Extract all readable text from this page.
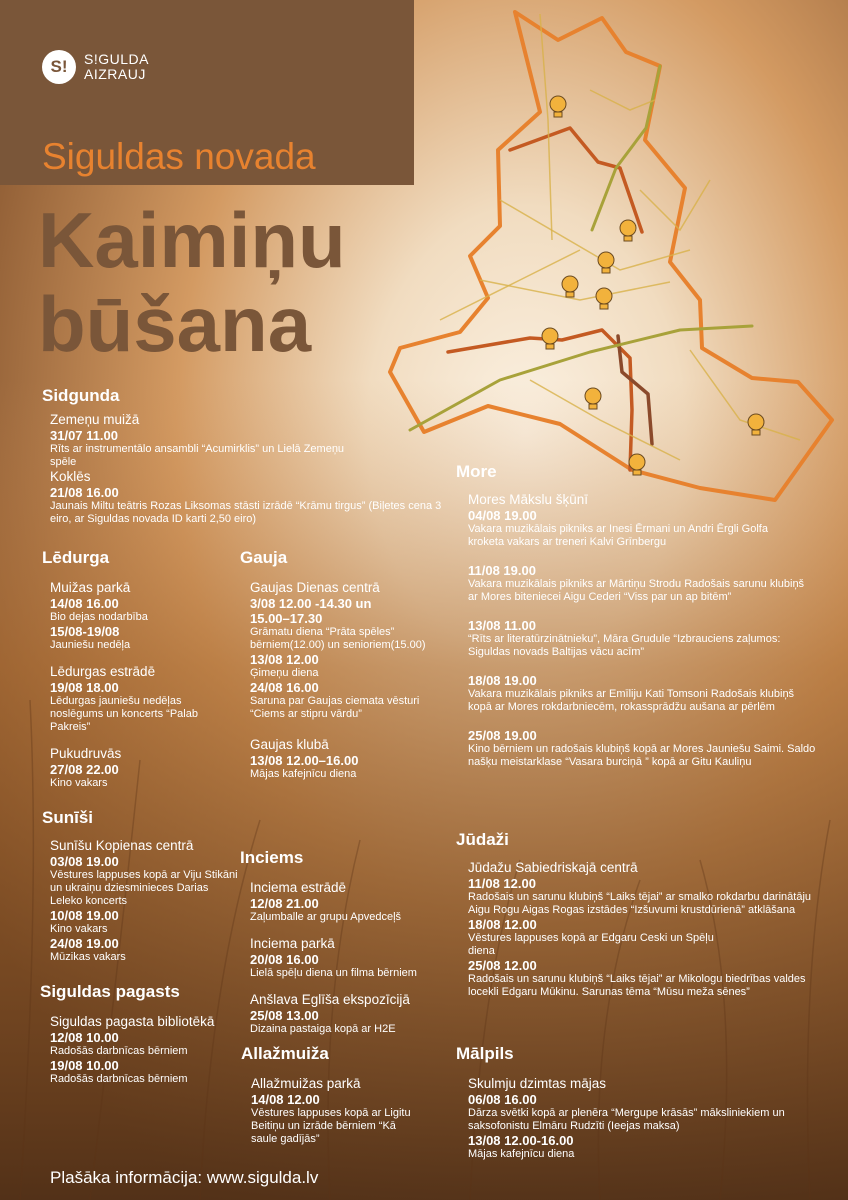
S!	S!GULDA
AIZRAUJ
Siguldas novada
Kaimiņu
būšana
Sidgunda
Zemeņu muižā
31/07 11.00
Rīts ar instrumentālo ansambli “Acumirklis” un Lielā Zemeņu spēle
Koklēs
21/08 16.00
Jaunais Miltu teātris Rozas Liksomas stāsti izrādē “Krāmu tirgus” (Biļetes cena 3 eiro, ar Siguldas novada ID karti 2,50 eiro)
Lēdurga
Muižas parkā
14/08 16.00
Bio dejas nodarbība
15/08-19/08
Jauniešu nedēļa
Lēdurgas estrādē
19/08 18.00
Lēdurgas jauniešu nedēļas noslēgums un koncerts “Palab Pakreis”
Pukudruvās
27/08 22.00
Kino vakars
Gauja
Gaujas Dienas centrā
3/08 12.00 -14.30 un 15.00–17.30
Grāmatu diena “Prāta spēles” bērniem(12.00) un senioriem(15.00)
13/08 12.00
Ģimeņu diena
24/08 16.00
Saruna par Gaujas ciemata vēsturi “Ciems ar stipru vārdu”
Gaujas klubā
13/08 12.00–16.00
Mājas kafejnīcu diena
Sunīši
Sunīšu Kopienas centrā
03/08 19.00
Vēstures lappuses kopā ar Viju Stikāni un ukraiņu dziesminieces Darias Leleko koncerts
10/08 19.00
Kino vakars
24/08 19.00
Mūzikas vakars
Inciems
Inciema estrādē
12/08 21.00
Zaļumballe ar grupu Apvedceļš
Inciema parkā
20/08 16.00
Lielā spēļu diena un filma bērniem
Anšlava Eglīša ekspozīcijā
25/08 13.00
Dizaina pastaiga kopā ar H2E
Siguldas pagasts
Siguldas pagasta bibliotēkā
12/08 10.00
Radošās darbnīcas bērniem
19/08 10.00
Radošās darbnīcas bērniem
Allažmuiža
Allažmuižas parkā
14/08 12.00
Vēstures lappuses kopā ar Ligitu Beitiņu un izrāde bērniem “Kā saule gadījās”
More
Mores Mākslu šķūnī
04/08 19.00
Vakara muzikālais pikniks ar Inesi Ērmani un Andri Ērgli Golfa kroketa vakars ar treneri Kalvi Grīnbergu
11/08 19.00
Vakara muzikālais pikniks ar Mārtiņu Strodu Radošais sarunu klubiņš ar Mores biteniecei Aigu Cederi “Viss par un ap bitēm”
13/08 11.00
“Rīts ar literatūrzinātnieku”, Māra Grudule “Izbrauciens zaļumos: Siguldas novads Baltijas vācu acīm”
18/08 19.00
Vakara muzikālais pikniks ar Emīliju Kati Tomsoni Radošais klubiņš kopā ar Mores rokdarbniecēm, rokassprādžu aušana ar pērlēm
25/08 19.00
Kino bērniem un radošais klubiņš kopā ar Mores Jauniešu Saimi. Saldo našķu meistarklase “Vasara burciņā ” kopā ar Gitu Kauliņu
Jūdaži
Jūdažu Sabiedriskajā centrā
11/08 12.00
Radošais un sarunu klubiņš “Laiks tējai” ar smalko rokdarbu darinātāju Aigu Rogu Aigas Rogas izstādes “Izšuvumi krustdūrienā” atklāšana
18/08 12.00
Vēstures lappuses kopā ar Edgaru Ceski un Spēļu diena
25/08 12.00
Radošais un sarunu klubiņš “Laiks tējai” ar Mikologu biedrības valdes locekli Edgaru Mūkinu. Sarunas tēma “Mūsu meža sēnes”
Mālpils
Skulmju dzimtas mājas
06/08 16.00
Dārza svētki kopā ar plenēra “Mergupe krāsās” māksliniekiem un saksofonistu Elmāru Rudzīti (Ieejas maksa)
13/08 12.00-16.00
Mājas kafejnīcu diena
Plašāka informācija: www.sigulda.lv
